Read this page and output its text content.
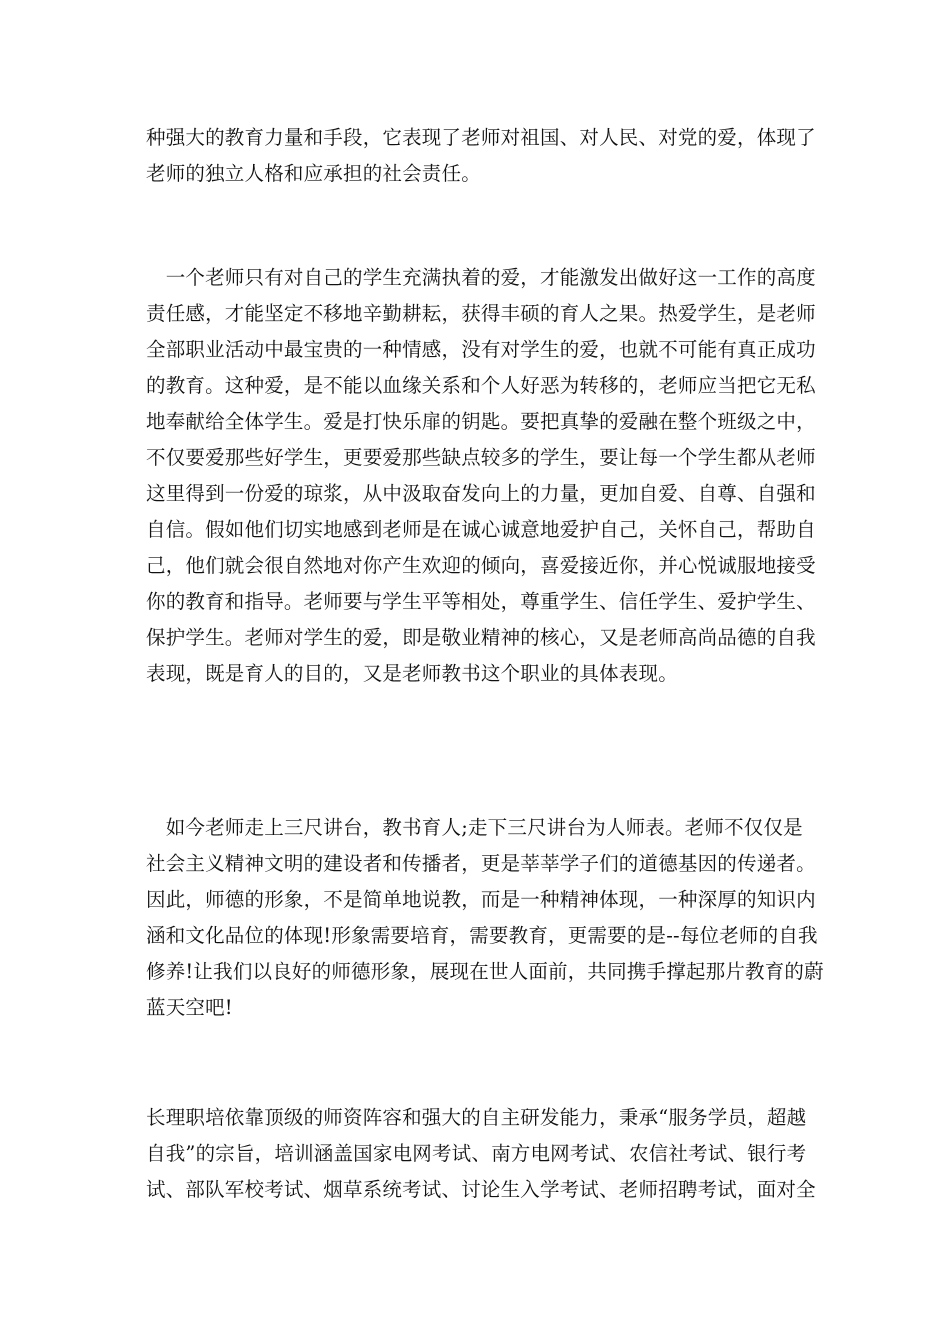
种强大的教育力量和手段，它表现了老师对祖国、对人民、对党的爱，体现了
老师的独立人格和应承担的社会责任。
　一个老师只有对自己的学生充满执着的爱，才能激发出做好这一工作的高度
责任感，才能坚定不移地辛勤耕耘，获得丰硕的育人之果。热爱学生，是老师
全部职业活动中最宝贵的一种情感，没有对学生的爱，也就不可能有真正成功
的教育。这种爱，是不能以血缘关系和个人好恶为转移的，老师应当把它无私
地奉献给全体学生。爱是打快乐扉的钥匙。要把真挚的爱融在整个班级之中，
不仅要爱那些好学生，更要爱那些缺点较多的学生，要让每一个学生都从老师
这里得到一份爱的琼浆，从中汲取奋发向上的力量，更加自爱、自尊、自强和
自信。假如他们切实地感到老师是在诚心诚意地爱护自己，关怀自己，帮助自
己，他们就会很自然地对你产生欢迎的倾向，喜爱接近你，并心悦诚服地接受
你的教育和指导。老师要与学生平等相处，尊重学生、信任学生、爱护学生、
保护学生。老师对学生的爱，即是敬业精神的核心，又是老师高尚品德的自我
表现，既是育人的目的，又是老师教书这个职业的具体表现。
　如今老师走上三尺讲台，教书育人;走下三尺讲台为人师表。老师不仅仅是
社会主义精神文明的建设者和传播者，更是莘莘学子们的道德基因的传递者。
因此，师德的形象，不是简单地说教，而是一种精神体现，一种深厚的知识内
涵和文化品位的体现!形象需要培育，需要教育，更需要的是--每位老师的自我
修养!让我们以良好的师德形象，展现在世人面前，共同携手撑起那片教育的蔚
蓝天空吧!
长理职培依靠顶级的师资阵容和强大的自主研发能力，秉承“服务学员，超越
自我”的宗旨，培训涵盖国家电网考试、南方电网考试、农信社考试、银行考
试、部队军校考试、烟草系统考试、讨论生入学考试、老师招聘考试，面对全
